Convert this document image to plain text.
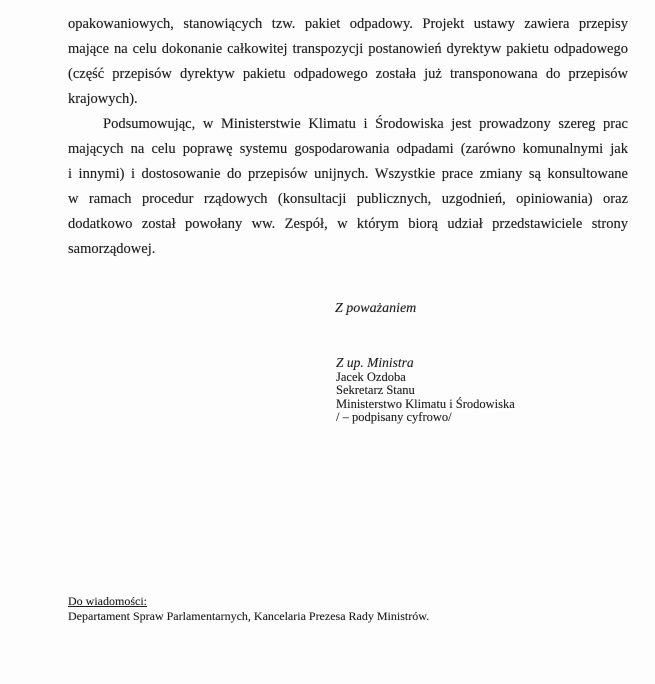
opakowaniowych, stanowiących tzw. pakiet odpadowy. Projekt ustawy zawiera przepisy
mające na celu dokonanie całkowitej transpozycji postanowień dyrektyw pakietu odpadowego
(część przepisów dyrektyw pakietu odpadowego została już transponowana do przepisów
krajowych).
Podsumowując, w Ministerstwie Klimatu i Środowiska jest prowadzony szereg prac
mających na celu poprawę systemu gospodarowania odpadami (zarówno komunalnymi jak
i innymi) i dostosowanie do przepisów unijnych. Wszystkie prace zmiany są konsultowane
w ramach procedur rządowych (konsultacji publicznych, uzgodnień, opiniowania) oraz
dodatkowo został powołany ww. Zespół, w którym biorą udział przedstawiciele strony
samorządowej.
Z poważaniem
Z up. Ministra
Jacek Ozdoba
Sekretarz Stanu
Ministerstwo Klimatu i Środowiska
/ – podpisany cyfrowo/
Do wiadomości:
Departament Spraw Parlamentarnych, Kancelaria Prezesa Rady Ministrów.
